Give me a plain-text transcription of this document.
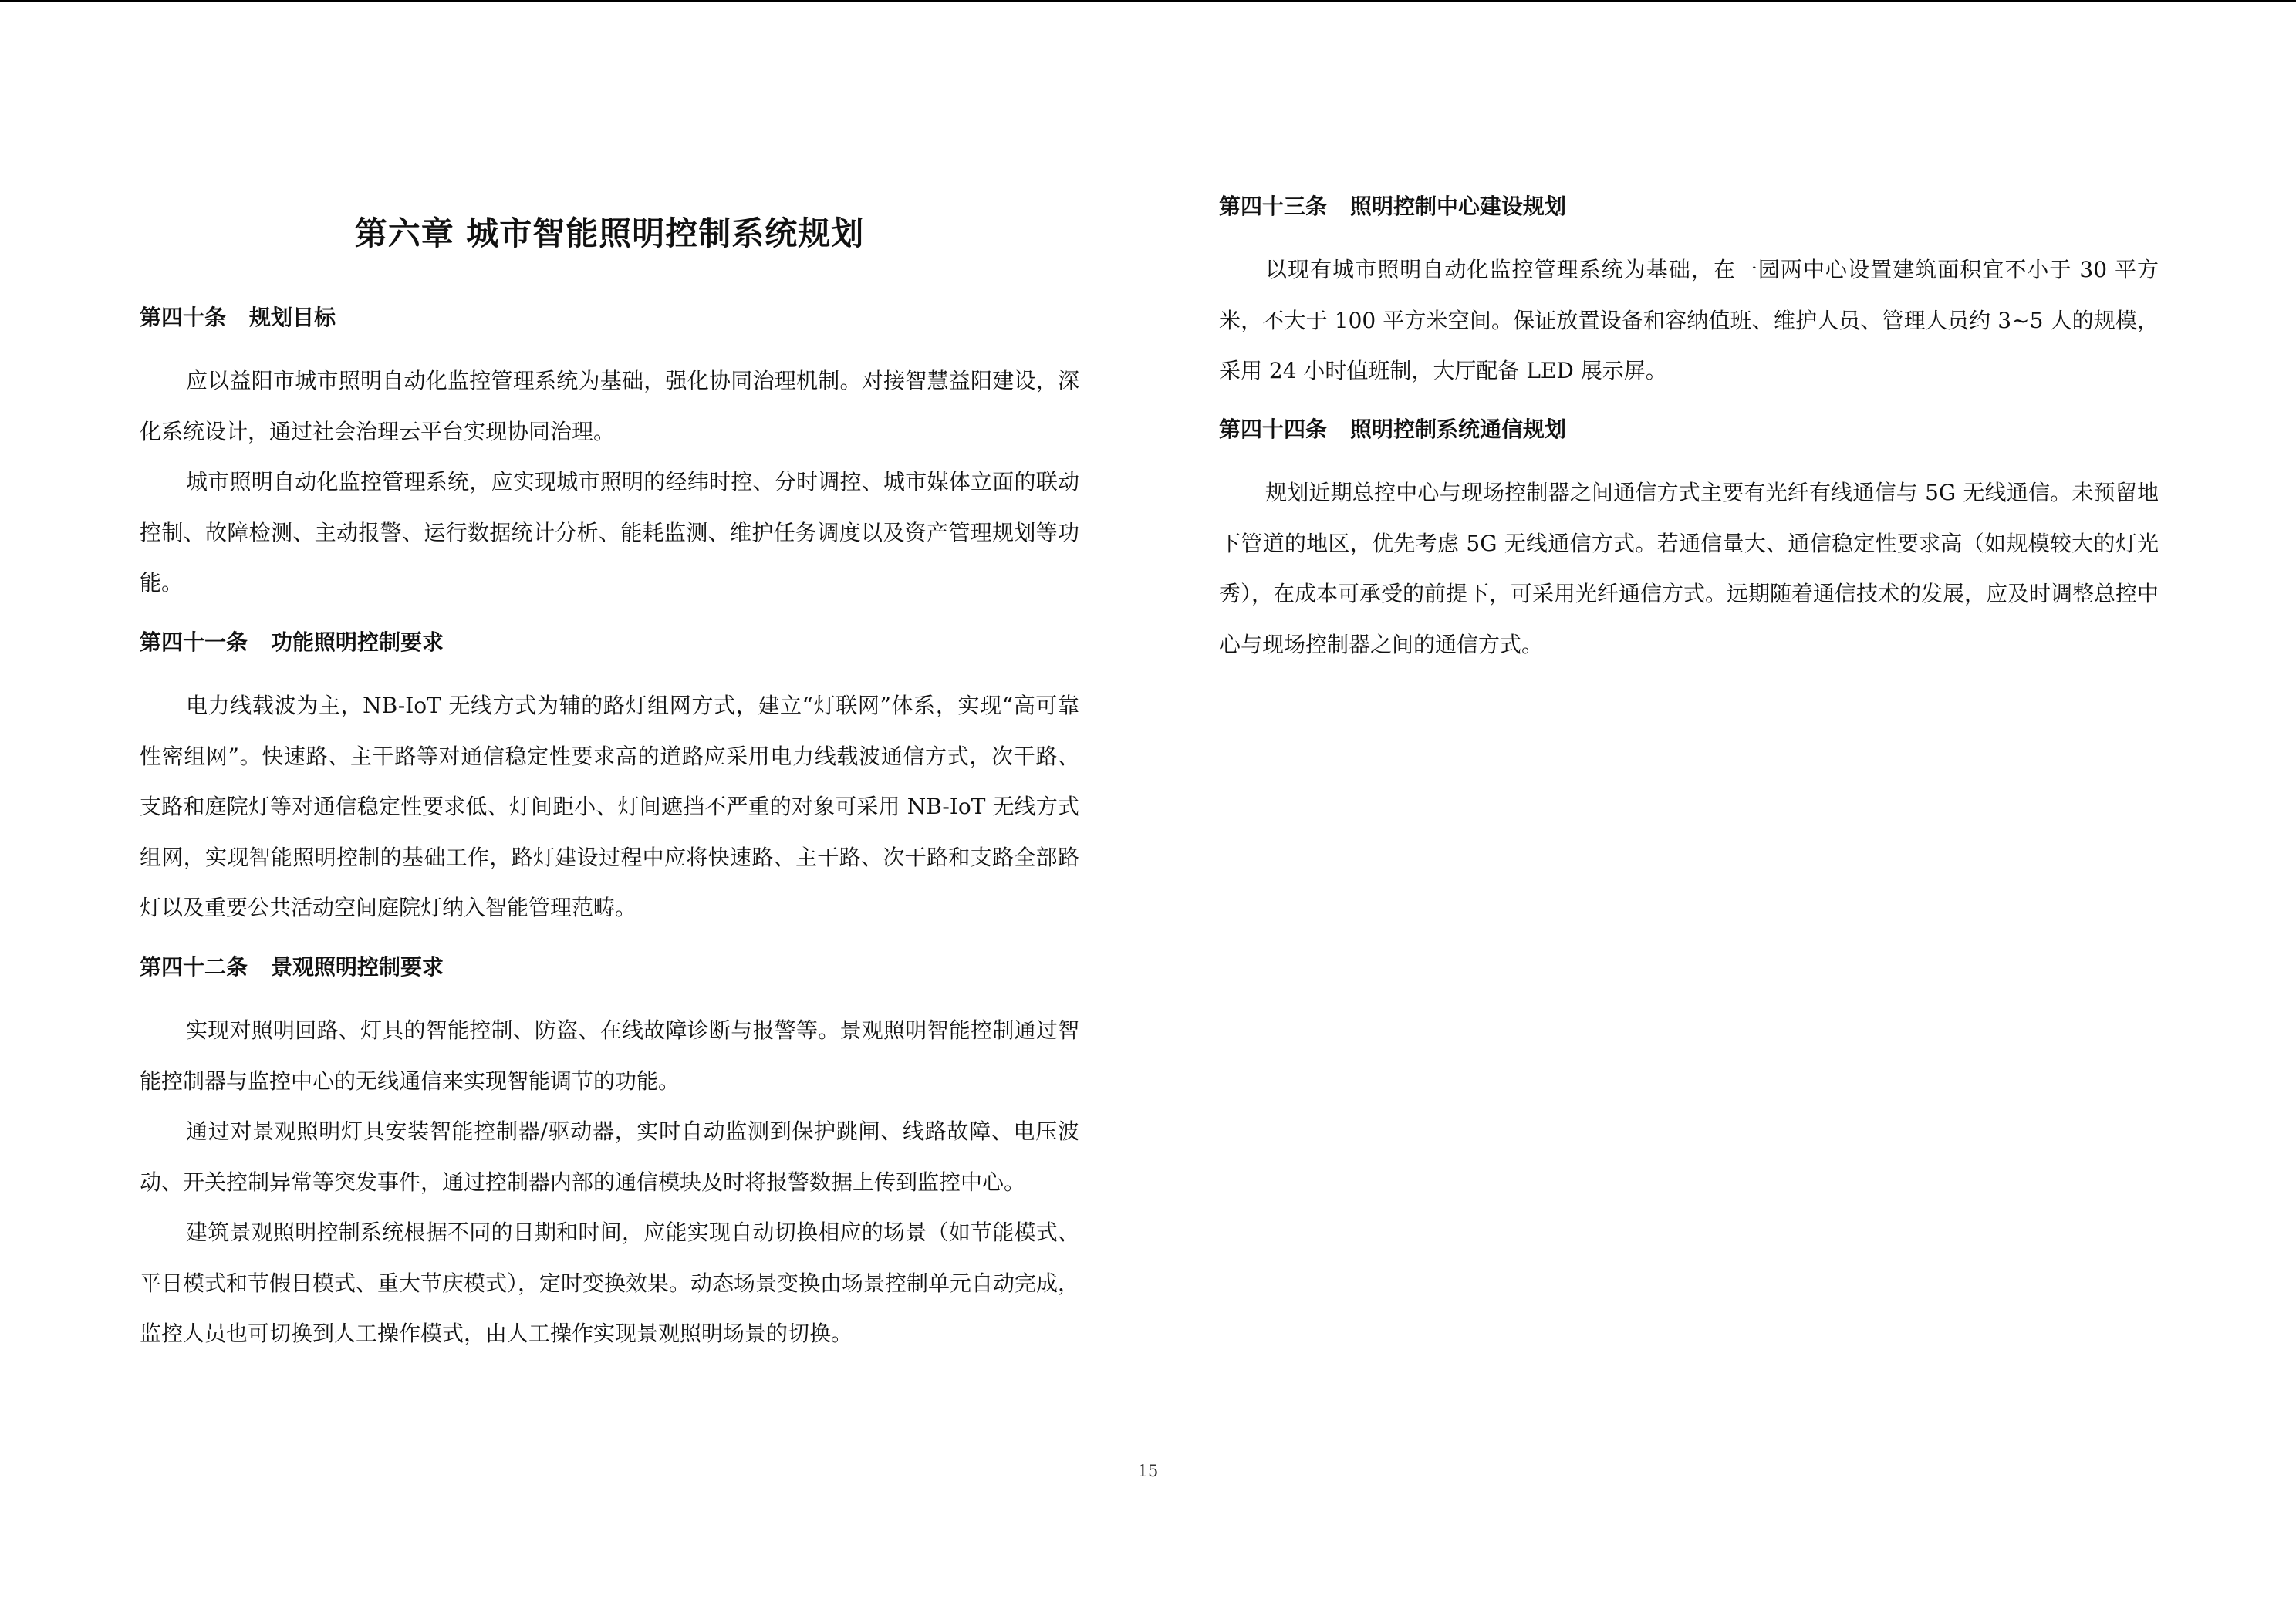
第六章 城市智能照明控制系统规划
第四十条 规划目标

应以益阳市城市照明自动化监控管理系统为基础，强化协同治理机制。对接智慧益阳建设，深化系统设计，通过社会治理云平台实现协同治理。

城市照明自动化监控管理系统，应实现城市照明的经纬时控、分时调控、城市媒体立面的联动控制、故障检测、主动报警、运行数据统计分析、能耗监测、维护任务调度以及资产管理规划等功能。

第四十一条 功能照明控制要求

电力线载波为主，NB-IoT 无线方式为辅的路灯组网方式，建立“灯联网”体系，实现“高可靠性密组网”。快速路、主干路等对通信稳定性要求高的道路应采用电力线载波通信方式，次干路、支路和庭院灯等对通信稳定性要求低、灯间距小、灯间遮挡不严重的对象可采用 NB-IoT 无线方式组网，实现智能照明控制的基础工作，路灯建设过程中应将快速路、主干路、次干路和支路全部路灯以及重要公共活动空间庭院灯纳入智能管理范畴。

第四十二条 景观照明控制要求

实现对照明回路、灯具的智能控制、防盗、在线故障诊断与报警等。景观照明智能控制通过智能控制器与监控中心的无线通信来实现智能调节的功能。

通过对景观照明灯具安装智能控制器/驱动器，实时自动监测到保护跳闸、线路故障、电压波动、开关控制异常等突发事件，通过控制器内部的通信模块及时将报警数据上传到监控中心。

建筑景观照明控制系统根据不同的日期和时间，应能实现自动切换相应的场景（如节能模式、平日模式和节假日模式、重大节庆模式），定时变换效果。动态场景变换由场景控制单元自动完成，监控人员也可切换到人工操作模式，由人工操作实现景观照明场景的切换。

第四十三条 照明控制中心建设规划

以现有城市照明自动化监控管理系统为基础，在一园两中心设置建筑面积宜不小于 30 平方米，不大于 100 平方米空间。保证放置设备和容纳值班、维护人员、管理人员约 3~5 人的规模，采用 24 小时值班制，大厅配备 LED 展示屏。

第四十四条 照明控制系统通信规划

规划近期总控中心与现场控制器之间通信方式主要有光纤有线通信与 5G 无线通信。未预留地下管道的地区，优先考虑 5G 无线通信方式。若通信量大、通信稳定性要求高（如规模较大的灯光秀），在成本可承受的前提下，可采用光纤通信方式。远期随着通信技术的发展，应及时调整总控中心与现场控制器之间的通信方式。

15
